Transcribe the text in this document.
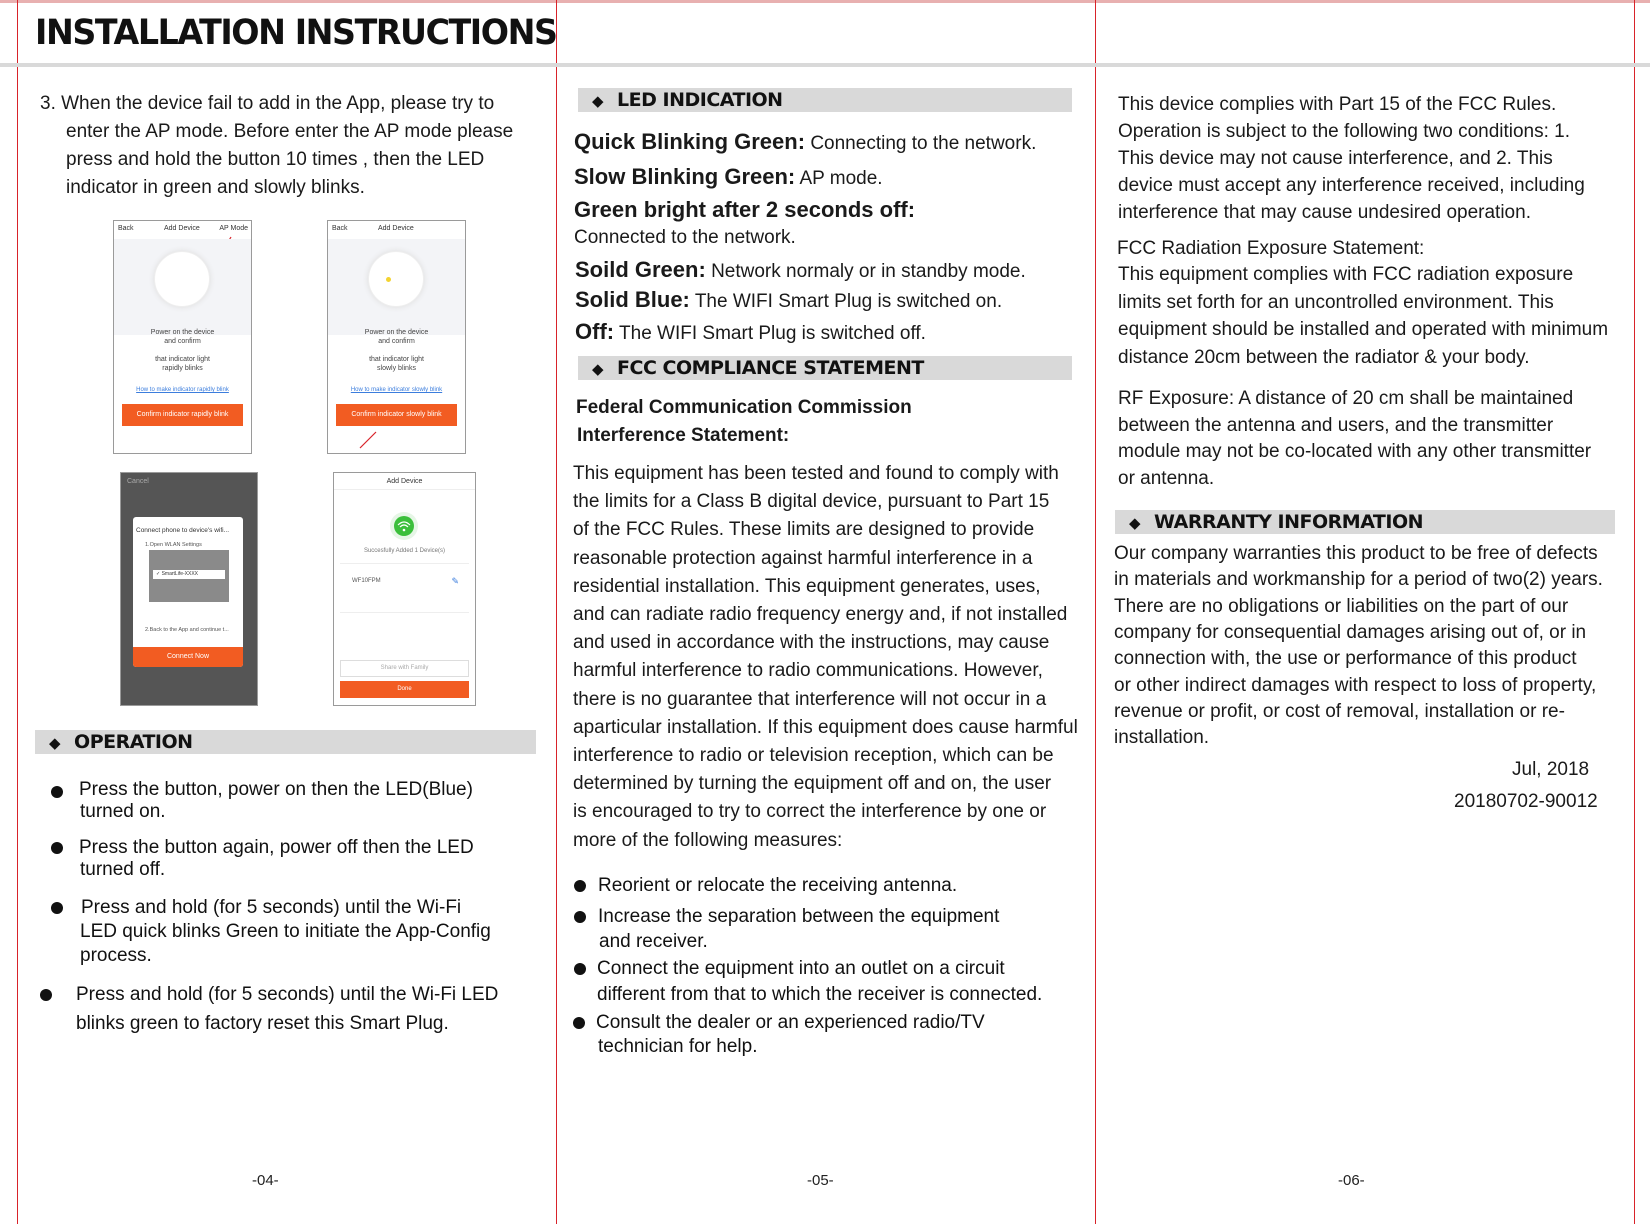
INSTALLATION INSTRUCTIONS
3. When the device fail to add in the App, please try to
enter the AP mode. Before enter the AP mode please
press and hold the button 10 times , then the LED
indicator in green and slowly blinks.
Back	Add Device	AP Mode
Power on the device
and confirm
that indicator light
rapidly blinks
How to make indicator rapidly blink
Confirm indicator rapidly blink
Back	Add Device
Power on the device
and confirm
that indicator light
slowly blinks
How to make indicator slowly blink
Confirm indicator slowly blink
Cancel
Connect phone to device's wifi...
1.Open WLAN Settings
✓ SmartLife-XXXX
2.Back to the App and continue t...
Connect Now
Add Device
Succesfully Added 1 Device(s)
WF10FPM	✎
Share with Family
Done
◆ OPERATION
Press the button, power on then the LED(Blue)
turned on.
Press the button again, power off then the LED
turned off.
Press and hold (for 5 seconds) until the Wi-Fi
LED quick blinks Green to initiate the App-Config
process.
Press and hold (for 5 seconds) until the Wi-Fi LED
blinks green to factory reset this Smart Plug.
-04-
◆ LED INDICATION
Quick Blinking Green: Connecting to the network.
Slow Blinking Green: AP mode.
Green bright after 2 seconds off:
Connected to the network.
Soild Green: Network normaly or in standby mode.
Solid Blue: The WIFI Smart Plug is switched on.
Off: The WIFI Smart Plug is switched off.
◆ FCC COMPLIANCE STATEMENT
Federal Communication Commission
Interference Statement:
This equipment has been tested and found to comply with
the limits for a Class B digital device, pursuant to Part 15
of the FCC Rules. These limits are designed to provide
reasonable protection against harmful interference in a
residential installation. This equipment generates, uses,
and can radiate radio frequency energy and, if not installed
and used in accordance with the instructions, may cause
harmful interference to radio communications. However,
there is no guarantee that interference will not occur in a
aparticular installation. If this equipment does cause harmful
interference to radio or television reception, which can be
determined by turning the equipment off and on, the user
is encouraged to try to correct the interference by one or
more of the following measures:
Reorient or relocate the receiving antenna.
Increase the separation between the equipment
and receiver.
Connect the equipment into an outlet on a circuit
different from that to which the receiver is connected.
Consult the dealer or an experienced radio/TV
technician for help.
-05-
This device complies with Part 15 of the FCC Rules.
Operation is subject to the following two conditions: 1.
This device may not cause interference, and 2. This
device must accept any interference received, including
interference that may cause undesired operation.
FCC Radiation Exposure Statement:
This equipment complies with FCC radiation exposure
limits set forth for an uncontrolled environment. This
equipment should be installed and operated with minimum
distance 20cm between the radiator & your body.
RF Exposure: A distance of 20 cm shall be maintained
between the antenna and users, and the transmitter
module may not be co-located with any other transmitter
or antenna.
◆ WARRANTY INFORMATION
Our company warranties this product to be free of defects
in materials and workmanship for a period of two(2) years.
There are no obligations or liabilities on the part of our
company for consequential damages arising out of, or in
connection with, the use or performance of this product
or other indirect damages with respect to loss of property,
revenue or profit, or cost of removal, installation or re-
installation.
Jul, 2018
20180702-90012
-06-
